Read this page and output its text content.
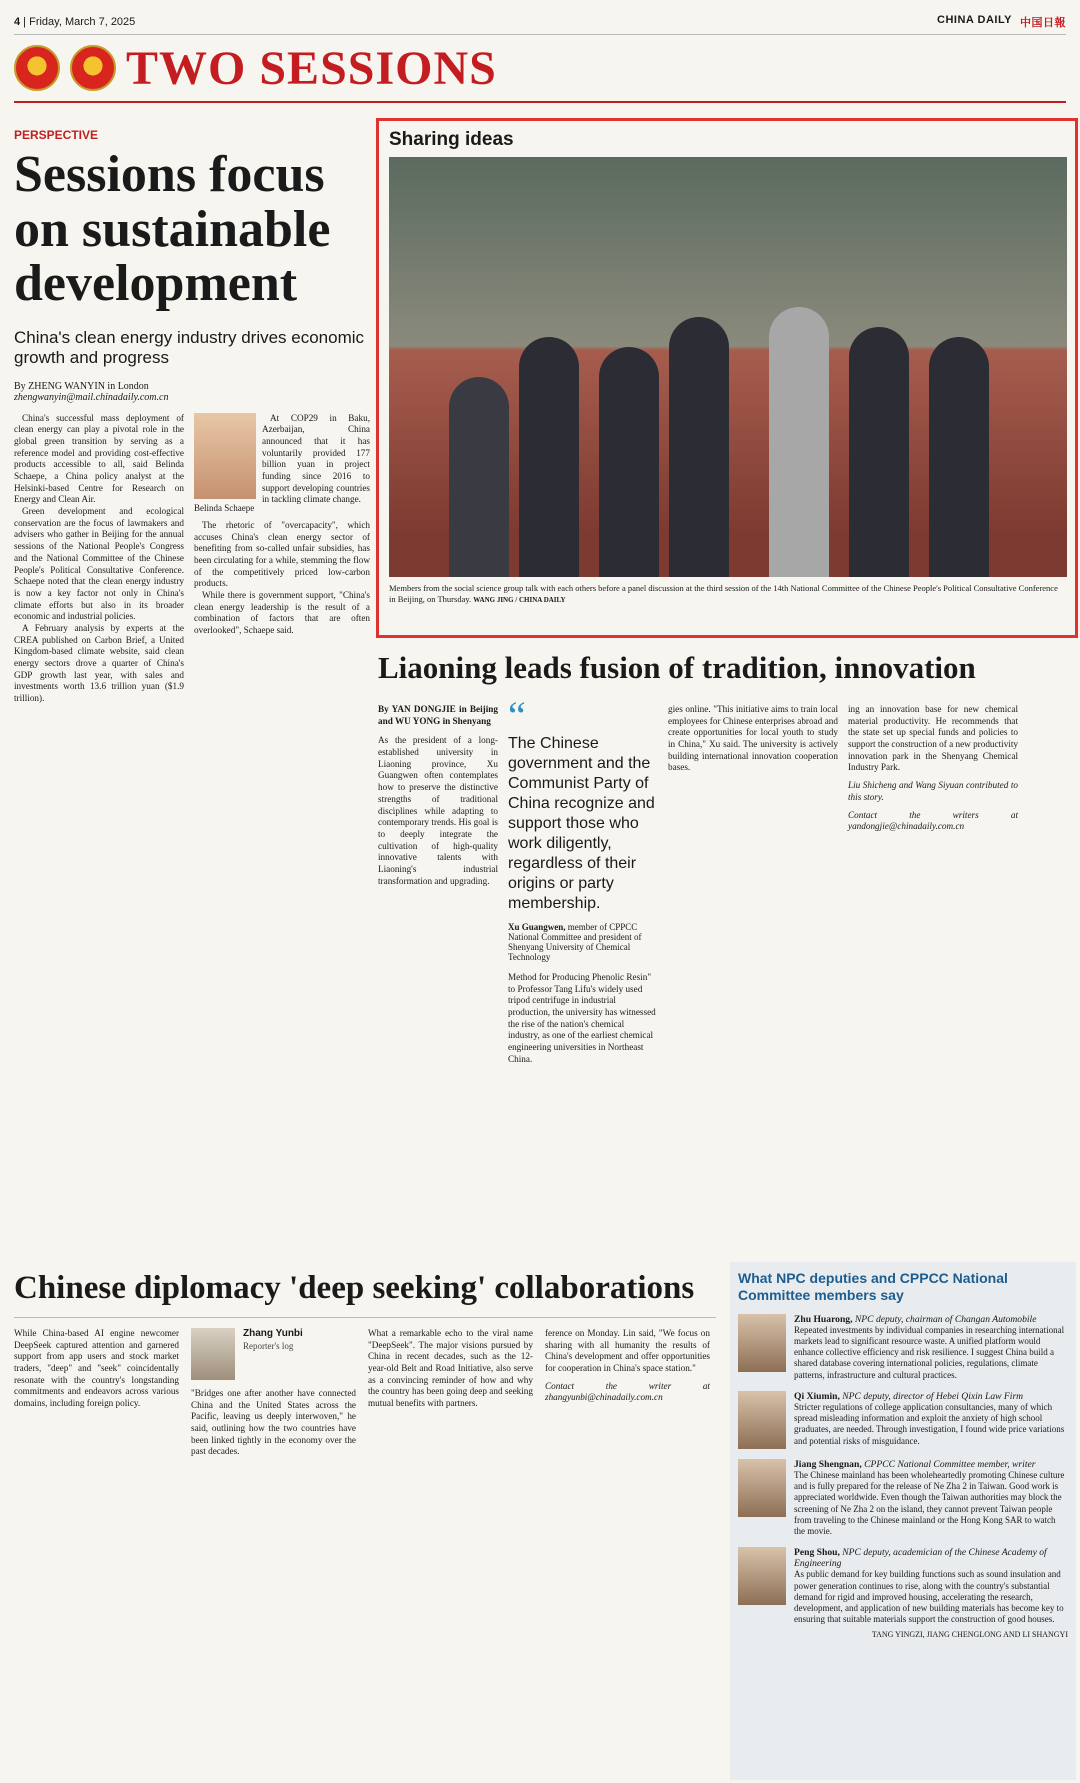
4 | Friday, March 7, 2025	CHINA DAILY 中国日報
TWO SESSIONS
PERSPECTIVE
Sessions focus on sustainable development
China's clean energy industry drives economic growth and progress
By ZHENG WANYIN in London
zhengwanyin@mail.chinadaily.com.cn

China's successful mass deployment of clean energy can play a pivotal role in the global green transition by serving as a reference model and providing cost-effective products accessible to all, said Belinda Schaepe, a China policy analyst at the Helsinki-based Centre for Research on Energy and Clean Air.

Green development and ecological conservation are the focus of lawmakers and advisers who gather in Beijing for the annual sessions of the National People's Congress and the National Committee of the Chinese People's Political Consultative Conference. Schaepe noted that the clean energy industry is now a key factor not only in China's climate efforts but also in its broader economic and industrial policies.

A February analysis by experts at the CREA published on Carbon Brief, a United Kingdom-based climate website, said clean energy sectors drove a quarter of China's GDP growth last year, with sales and investments worth 13.6 trillion yuan ($1.9 trillion).

Belinda Schaepe

At COP29 in Baku, Azerbaijan, China announced that it has voluntarily provided 177 billion yuan in project funding since 2016 to support developing countries in tackling climate change.

The rhetoric of "overcapacity", which accuses China's clean energy sector of benefiting from so-called unfair subsidies, has been circulating for a while, stemming the flow of the competitively priced low-carbon products.

While there is government support, "China's clean energy leadership is the result of a combination of factors that are often overlooked", Schaepe said.

Sharing ideas
Members from the social science group talk with each others before a panel discussion at the third session of the 14th National Committee of the Chinese People's Political Consultative Conference in Beijing, on Thursday. WANG JING / CHINA DAILY
Liaoning leads fusion of tradition, innovation
By YAN DONGJIE in Beijing and WU YONG in Shenyang

As the president of a long-established university in Liaoning province, Xu Guangwen often contemplates how to preserve the distinctive strengths of traditional disciplines while adapting to contemporary trends. His goal is to deeply integrate the cultivation of high-quality innovative talents with Liaoning's industrial transformation and upgrading.

“
The Chinese government and the Communist Party of China recognize and support those who work diligently, regardless of their origins or party membership.
Xu Guangwen, member of CPPCC National Committee and president of Shenyang University of Chemical Technology

Method for Producing Phenolic Resin" to Professor Tang Lifu's widely used tripod centrifuge in industrial production, the university has witnessed the rise of the nation's chemical industry, as one of the earliest chemical engineering universities in Northeast China.

gies online. "This initiative aims to train local employees for Chinese enterprises abroad and create opportunities for local youth to study in China," Xu said. The university is actively building international innovation cooperation bases.

ing an innovation base for new chemical material productivity. He recommends that the state set up special funds and policies to support the construction of a new productivity innovation park in the Shenyang Chemical Industry Park.

Liu Shicheng and Wang Siyuan contributed to this story.

Contact the writers at yandongjie@chinadaily.com.cn

Chinese diplomacy 'deep seeking' collaborations

While China-based AI engine newcomer DeepSeek captured attention and garnered support from app users and stock market traders, "deep" and "seek" coincidentally resonate with the country's longstanding commitments and endeavors across various domains, including foreign policy.

Zhang Yunbi
Reporter's log

"Bridges one after another have connected China and the United States across the Pacific, leaving us deeply interwoven," he said, outlining how the two countries have been linked tightly in the economy over the past decades.

What a remarkable echo to the viral name "DeepSeek". The major visions pursued by China in recent decades, such as the 12-year-old Belt and Road Initiative, also serve as a convincing reminder of how and why the country has been going deep and seeking mutual benefits with partners.

ference on Monday. Lin said, "We focus on sharing with all humanity the results of China's development and offer opportunities for cooperation in China's space station."

Contact the writer at zhangyunbi@chinadaily.com.cn

What NPC deputies and CPPCC National Committee members say
Zhu Huarong, NPC deputy, chairman of Changan Automobile
Repeated investments by individual companies in researching international markets lead to significant resource waste. A unified platform would enhance collective efficiency and risk resilience. I suggest China build a shared database covering international policies, regulations, climate patterns, infrastructure and cultural practices.
Qi Xiumin, NPC deputy, director of Hebei Qixin Law Firm
Stricter regulations of college application consultancies, many of which spread misleading information and exploit the anxiety of high school graduates, are needed. Through investigation, I found wide price variations and potential risks of misguidance.
Jiang Shengnan, CPPCC National Committee member, writer
The Chinese mainland has been wholeheartedly promoting Chinese culture and is fully prepared for the release of Ne Zha 2 in Taiwan. Good work is appreciated worldwide. Even though the Taiwan authorities may block the screening of Ne Zha 2 on the island, they cannot prevent Taiwan people from traveling to the Chinese mainland or the Hong Kong SAR to watch the movie.
Peng Shou, NPC deputy, academician of the Chinese Academy of Engineering
As public demand for key building functions such as sound insulation and power generation continues to rise, along with the country's substantial demand for rigid and improved housing, accelerating the research, development, and application of new building materials has become key to ensuring that suitable materials support the construction of good houses.
TANG YINGZI, JIANG CHENGLONG AND LI SHANGYI
